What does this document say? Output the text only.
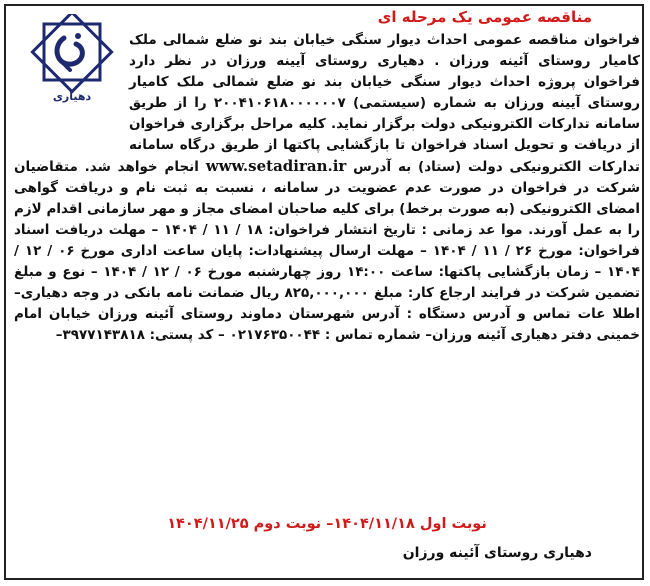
مناقصه عمومی یک مرحله ای
دهیاری
فراخوان مناقصه عمومی احداث دیوار سنگی خیابان بند نو ضلع شمالی ملک کامیار روستای آئینه ورزان . دهیاری روستای آیینه ورزان در نظر دارد فراخوان پروژه احداث دیوار سنگی خیابان بند نو ضلع شمالی ملک کامیار روستای آیینه ورزان به شماره (سیستمی) ۲۰۰۴۱۰۶۱۸۰۰۰۰۰۰۷ را از طریق سامانه تدارکات الکترونیکی دولت برگزار نماید. کلیه مراحل برگزاری فراخوان از دریافت و تحویل اسناد فراخوان تا بازگشایی پاکتها از طریق درگاه سامانه تدارکات الکترونیکی دولت (ستاد) به آدرس www.setadiran.ir انجام خواهد شد. متقاضیان شرکت در فراخوان در صورت عدم عضویت در سامانه ، نسبت به ثبت نام و دریافت گواهی امضای الکترونیکی (به صورت برخط) برای کلیه صاحبان امضای مجاز و مهر سازمانی اقدام لازم را به عمل آورند. موا عد زمانی : تاریخ انتشار فراخوان: ۱۸ / ۱۱ / ۱۴۰۴ – مهلت دریافت اسناد فراخوان: مورخ ۲۶ / ۱۱ / ۱۴۰۴ – مهلت ارسال پیشنهادات: پایان ساعت اداری مورخ ۰۶ / ۱۲ / ۱۴۰۴ – زمان بازگشایی پاکتها: ساعت ۱۴:۰۰ روز چهارشنبه مورخ ۰۶ / ۱۲ / ۱۴۰۴ – نوع و مبلغ تضمین شرکت در فرایند ارجاع کار: مبلغ ۸۲۵,۰۰۰,۰۰۰ ریال ضمانت نامه بانکی در وجه دهیاری– اطلا عات تماس و آدرس دستگاه : آدرس شهرستان دماوند روستای آئینه ورزان خیابان امام خمینی دفتر دهیاری آئینه ورزان– شماره تماس : ۰۲۱۷۶۳۵۰۰۴۴ – کد پستی: ۳۹۷۷۱۴۳۸۱۸–
نوبت اول ۱۴۰۴/۱۱/۱۸– نوبت دوم ۱۴۰۴/۱۱/۲۵
دهیاری روستای آئینه ورزان
